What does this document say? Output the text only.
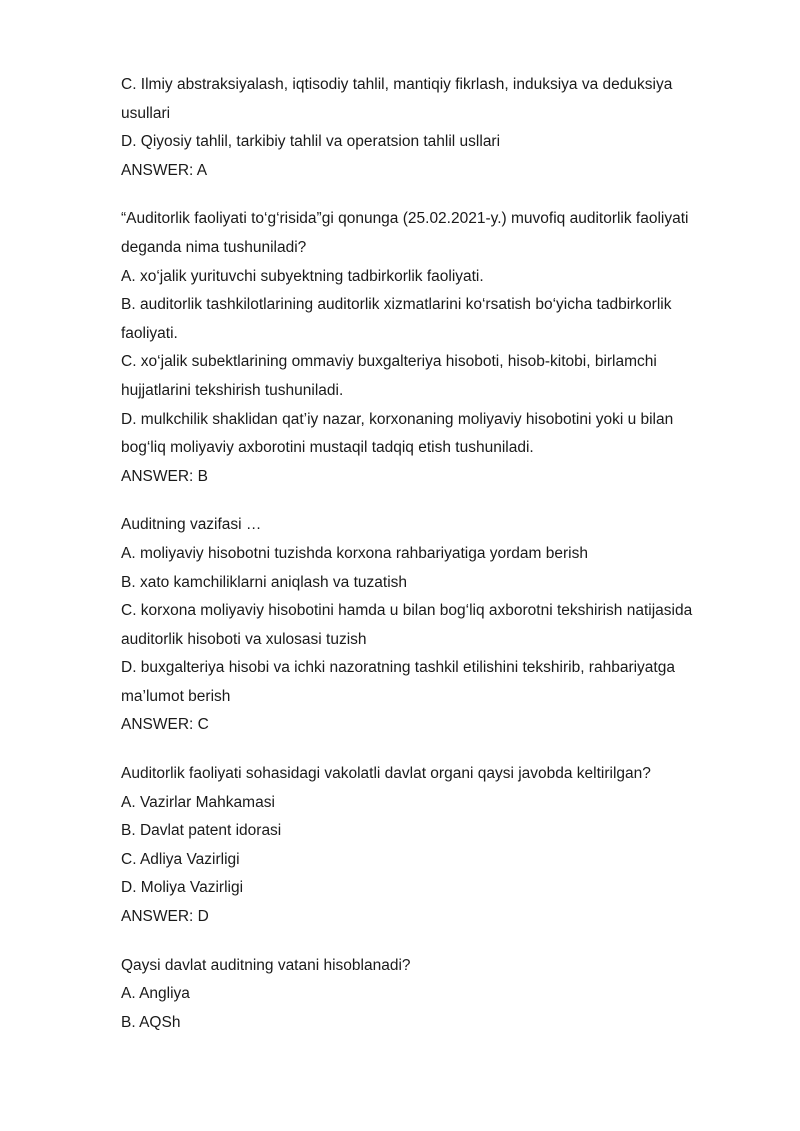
C. Ilmiy abstraksiyalash, iqtisodiy tahlil, mantiqiy fikrlash, induksiya va deduksiya
usullari
D. Qiyosiy tahlil, tarkibiy tahlil va operatsion tahlil usllari
ANSWER: A
“Auditorlik faoliyati to‘g‘risida”gi qonunga (25.02.2021-y.) muvofiq auditorlik faoliyati
deganda nima tushuniladi?
A. xo‘jalik yurituvchi subyektning tadbirkorlik faoliyati.
B. auditorlik tashkilotlarining auditorlik xizmatlarini ko‘rsatish bo‘yicha tadbirkorlik
faoliyati.
C. xo‘jalik subektlarining ommaviy buxgalteriya hisoboti, hisob-kitobi, birlamchi
hujjatlarini tekshirish tushuniladi.
D. mulkchilik shaklidan qat’iy nazar, korxonaning moliyaviy hisobotini yoki u bilan
bog‘liq moliyaviy axborotini mustaqil tadqiq etish tushuniladi.
ANSWER: B
Auditning vazifasi …
A. moliyaviy hisobotni tuzishda korxona rahbariyatiga yordam berish
B. xato kamchiliklarni aniqlash va tuzatish
C. korxona moliyaviy hisobotini hamda u bilan bog‘liq axborotni tekshirish natijasida
auditorlik hisoboti va xulosasi tuzish
D. buxgalteriya hisobi va ichki nazoratning tashkil etilishini tekshirib, rahbariyatga
ma’lumot berish
ANSWER: C
Auditorlik faoliyati sohasidagi vakolatli davlat organi qaysi javobda keltirilgan?
A. Vazirlar Mahkamasi
B. Davlat patent idorasi
C. Adliya Vazirligi
D. Moliya Vazirligi
ANSWER: D
Qaysi davlat auditning vatani hisoblanadi?
A. Angliya
B. AQSh
